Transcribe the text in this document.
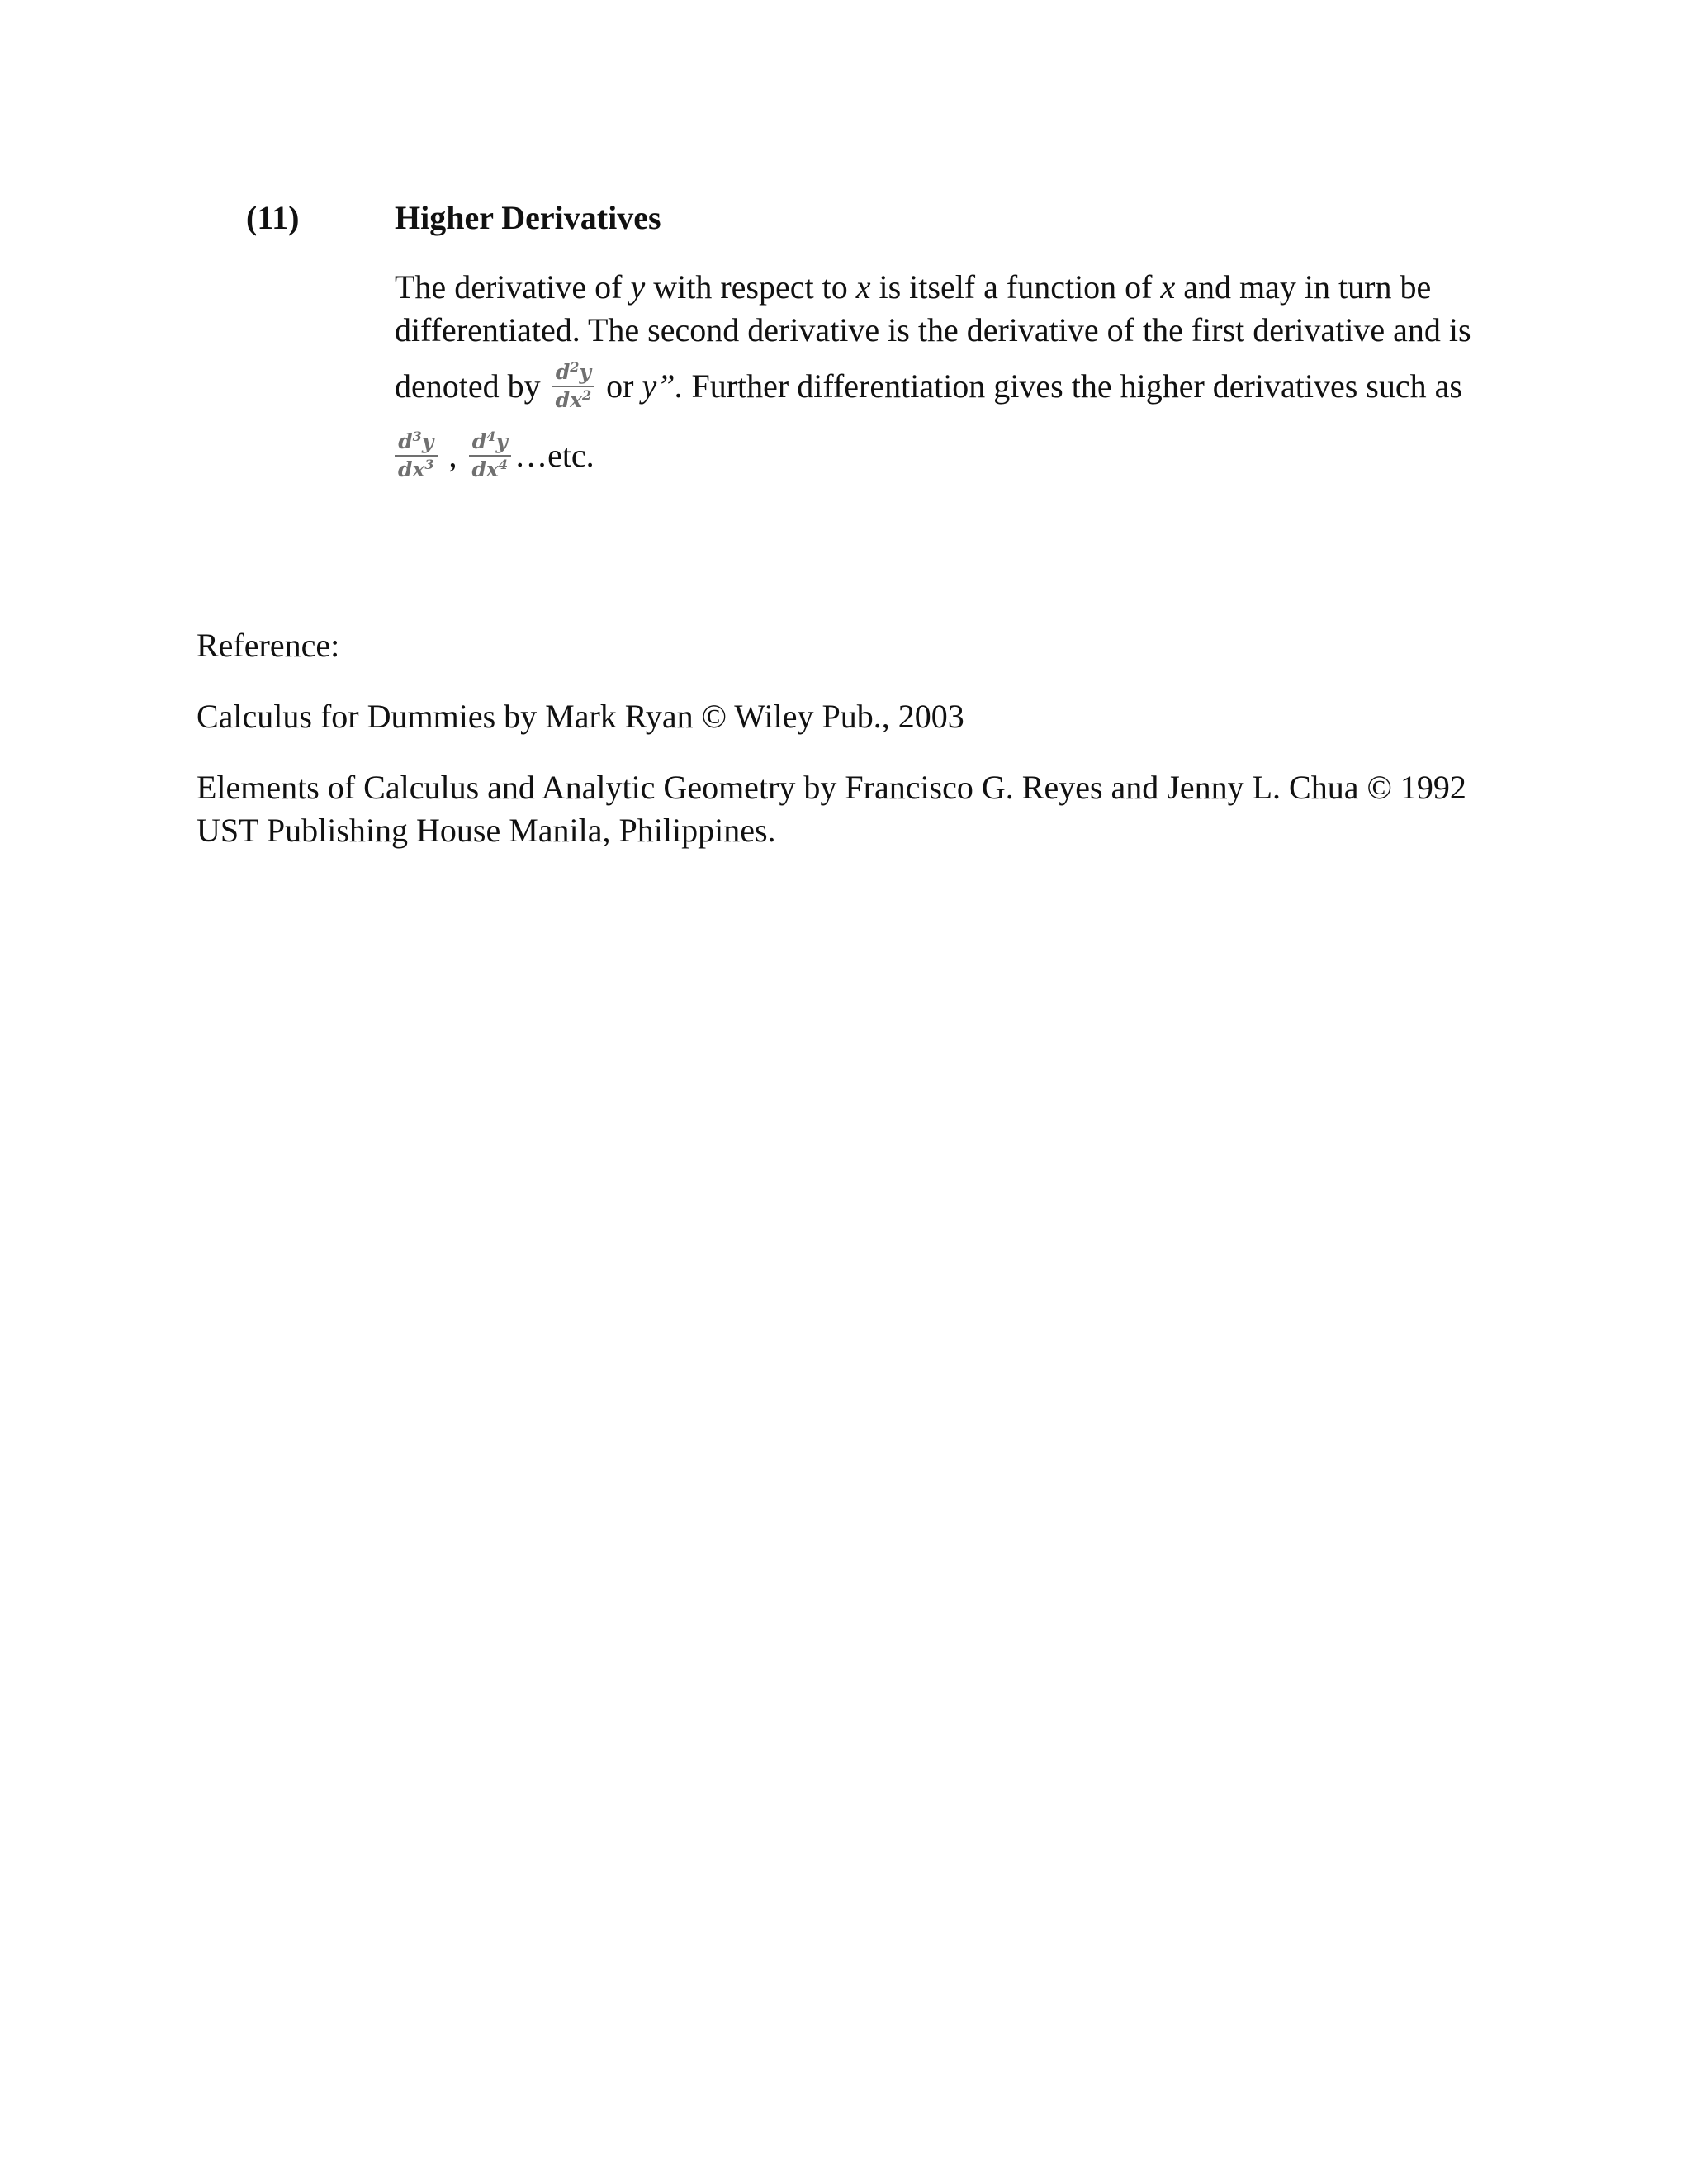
(11)	Higher Derivatives
The derivative of y with respect to x is itself a function of x and may in turn be
differentiated. The second derivative is the derivative of the first derivative and is
denoted by $\frac{d^2y}{dx^2}$ or y”. Further differentiation gives the higher derivatives such as
$\frac{d^3y}{dx^3}$ , $\frac{d^4y}{dx^4}$ …etc.
Reference:
Calculus for Dummies by Mark Ryan © Wiley Pub., 2003
Elements of Calculus and Analytic Geometry by Francisco G. Reyes and Jenny L. Chua © 1992 UST Publishing House Manila, Philippines.
